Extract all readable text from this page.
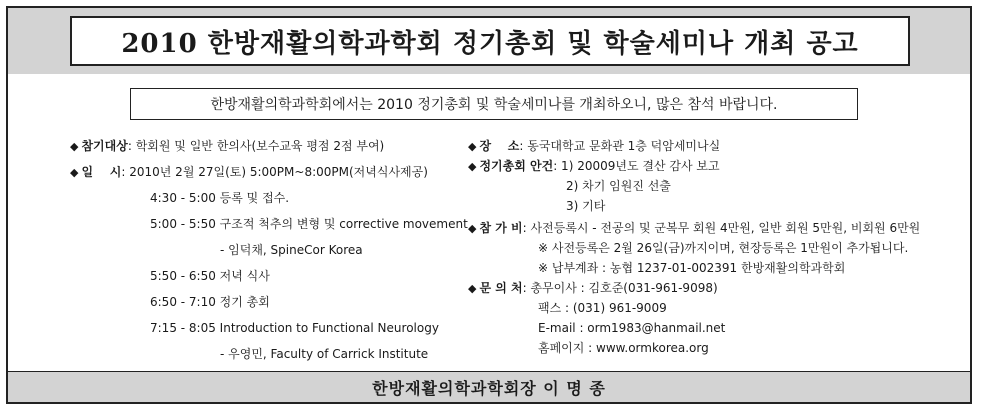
2010 한방재활의학과학회 정기총회 및 학술세미나 개최 공고
한방재활의학과학회에서는 2010 정기총회 및 학술세미나를 개최하오니, 많은 참석 바랍니다.
◆ 참기대상: 학회원 및 일반 한의사(보수교육 평점 2점 부여)
◆ 일    시: 2010년 2월 27일(토) 5:00PM~8:00PM(저녁식사제공)
4:30 - 5:00 등록 및 접수.
5:00 - 5:50 구조적 척추의 변형 및 corrective movement
- 임덕채, SpineCor Korea
5:50 - 6:50 저녁 식사
6:50 - 7:10 정기 총회
7:15 - 8:05 Introduction to Functional Neurology
- 우영민, Faculty of Carrick Institute
◆ 장    소: 동국대학교 문화관 1층 덕암세미나실
◆ 정기총회 안건: 1) 20009년도 결산 감사 보고
2) 차기 임원진 선출
3) 기타
◆ 참 가 비: 사전등록시 - 전공의 및 군복무 회원 4만원, 일반 회원 5만원, 비회원 6만원
※ 사전등록은 2월 26일(금)까지이며, 현장등록은 1만원이 추가됩니다.
※ 납부계좌 : 농협 1237-01-002391 한방재활의학과학회
◆ 문 의 처: 총무이사 : 김호준(031-961-9098)
팩스 : (031) 961-9009
E-mail : orm1983@hanmail.net
홈페이지 : www.ormkorea.org
한방재활의학과학회장 이 명 종
